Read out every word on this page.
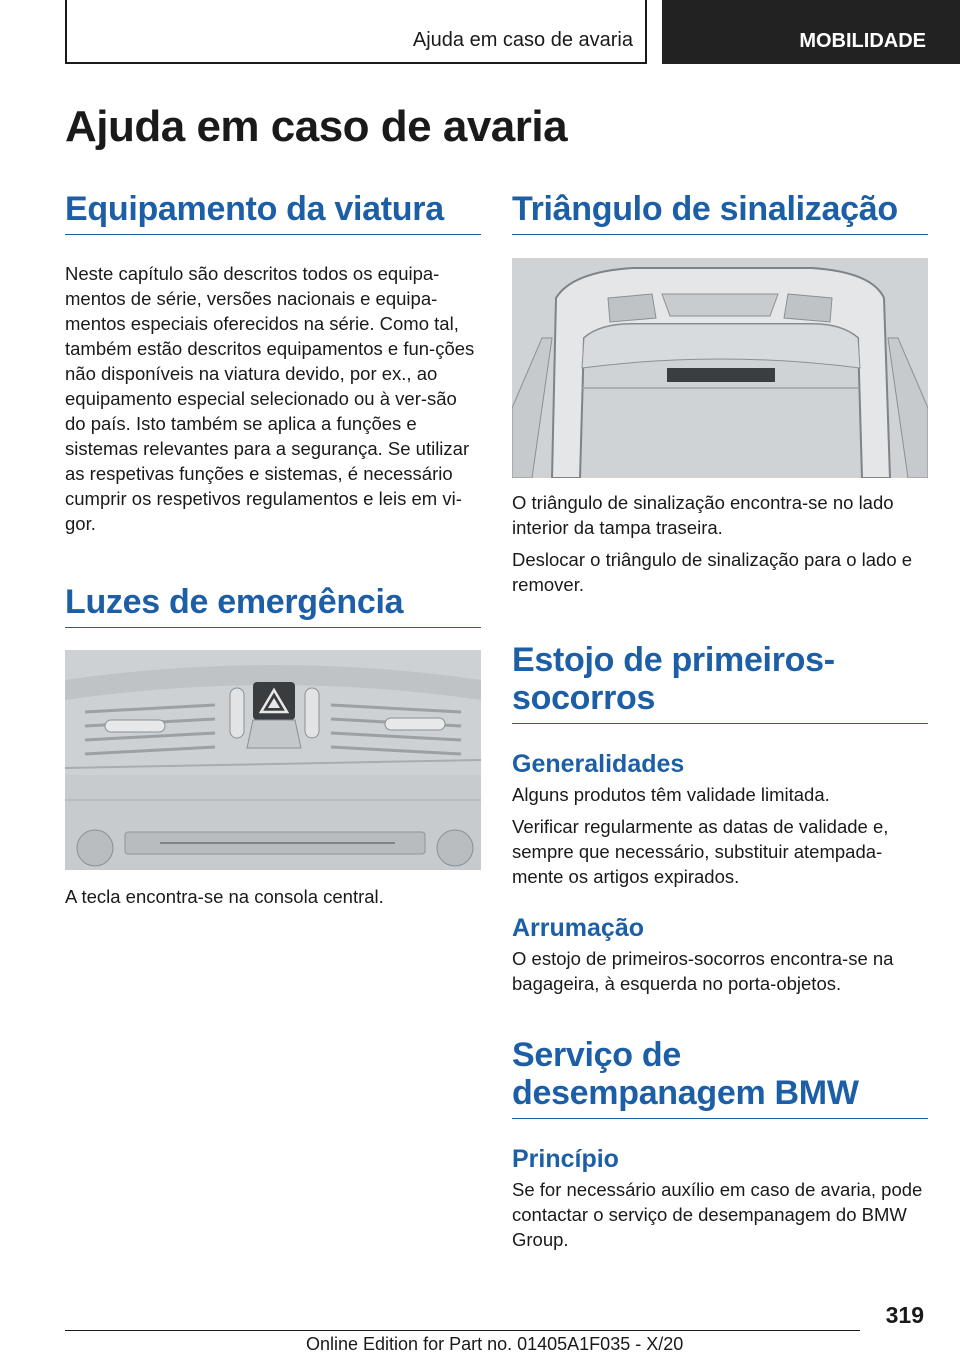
Ajuda em caso de avaria	MOBILIDADE
Ajuda em caso de avaria
Equipamento da viatura

Neste capítulo são descritos todos os equipa-mentos de série, versões nacionais e equipa-mentos especiais oferecidos na série. Como tal, também estão descritos equipamentos e fun-ções não disponíveis na viatura devido, por ex., ao equipamento especial selecionado ou à ver-são do país. Isto também se aplica a funções e sistemas relevantes para a segurança. Se utilizar as respetivas funções e sistemas, é necessário cumprir os respetivos regulamentos e leis em vi-gor.

Luzes de emergência

A tecla encontra-se na consola central.

Triângulo de sinalização

O triângulo de sinalização encontra-se no lado interior da tampa traseira.

Deslocar o triângulo de sinalização para o lado e remover.

Estojo de primeiros-socorros
Generalidades

Alguns produtos têm validade limitada.

Verificar regularmente as datas de validade e, sempre que necessário, substituir atempada-mente os artigos expirados.

Arrumação

O estojo de primeiros-socorros encontra-se na bagageira, à esquerda no porta-objetos.

Serviço de desempanagem BMW
Princípio

Se for necessário auxílio em caso de avaria, pode contactar o serviço de desempanagem do BMW Group.

319
Online Edition for Part no. 01405A1F035 - X/20
